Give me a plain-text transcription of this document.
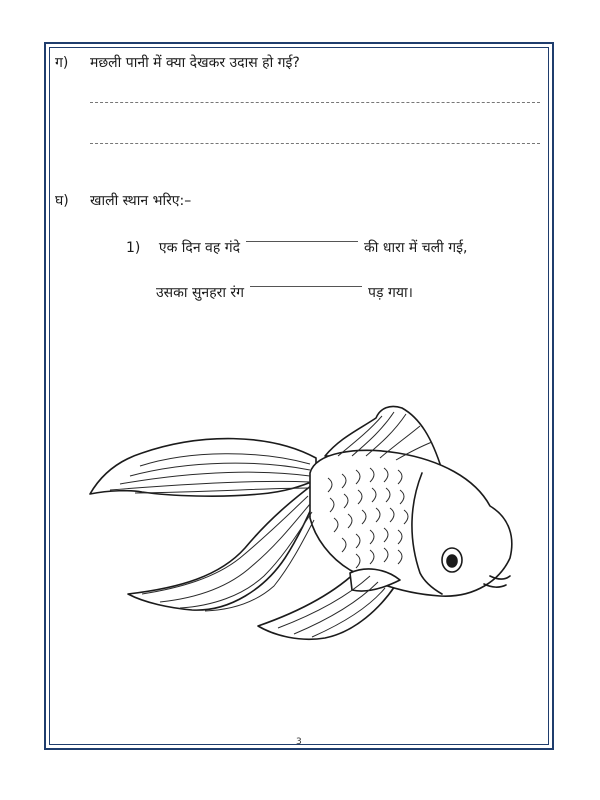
ग) मछली पानी में क्या देखकर उदास हो गई?
घ) खाली स्थान भरिए:–
1) एक दिन वह गंदे	की धारा में चली गई,
उसका सुनहरा रंग	पड़ गया।
3
